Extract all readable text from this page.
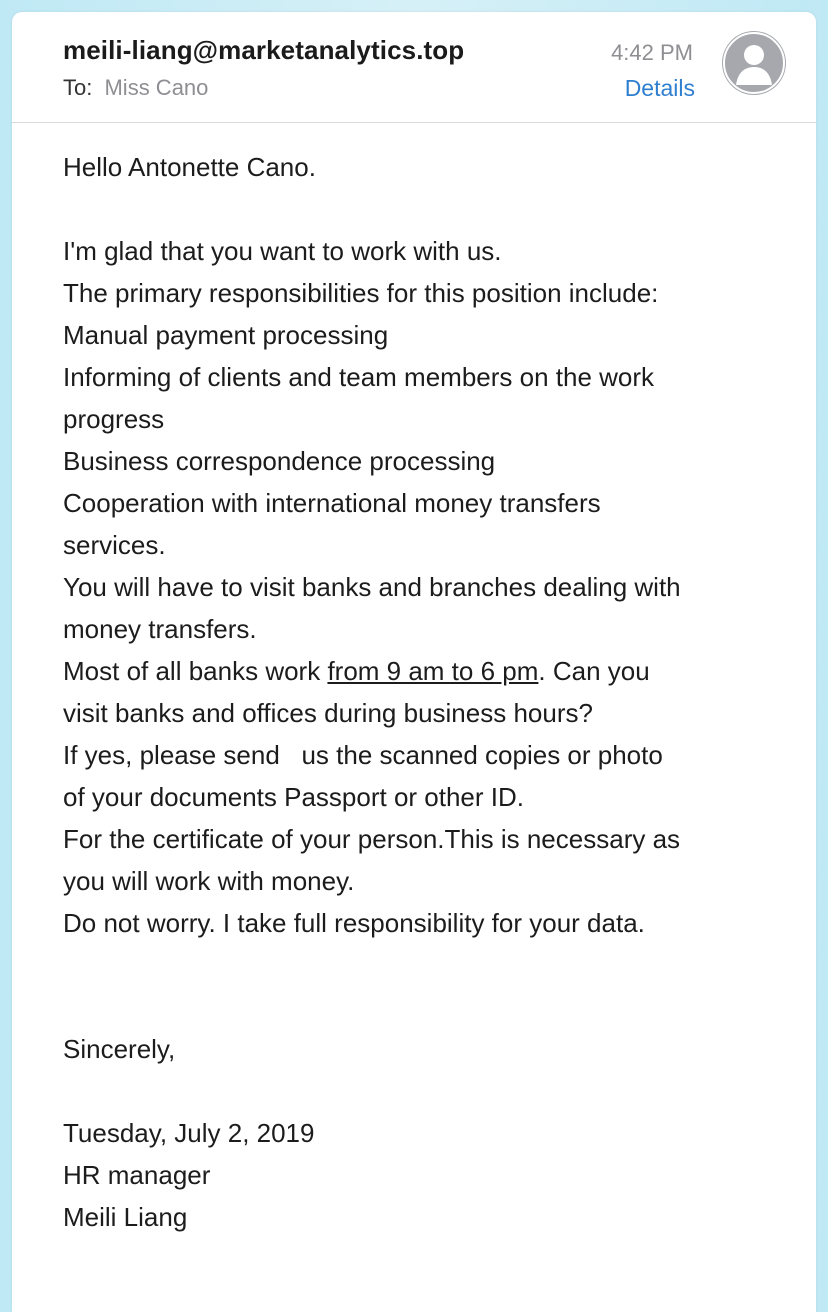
meili-liang@marketanalytics.top
To: Miss Cano
4:42 PM
Details
Hello Antonette Cano.
I'm glad that you want to work with us.
The primary responsibilities for this position include:
Manual payment processing
Informing of clients and team members on the work
progress
Business correspondence processing
Cooperation with international money transfers
services.
You will have to visit banks and branches dealing with
money transfers.
Most of all banks work from 9 am to 6 pm. Can you
visit banks and offices during business hours?
If yes, please send   us the scanned copies or photo
of your documents Passport or other ID.
For the certificate of your person.This is necessary as
you will work with money.
Do not worry. I take full responsibility for your data.
Sincerely,
Tuesday, July 2, 2019
HR manager
Meili Liang
